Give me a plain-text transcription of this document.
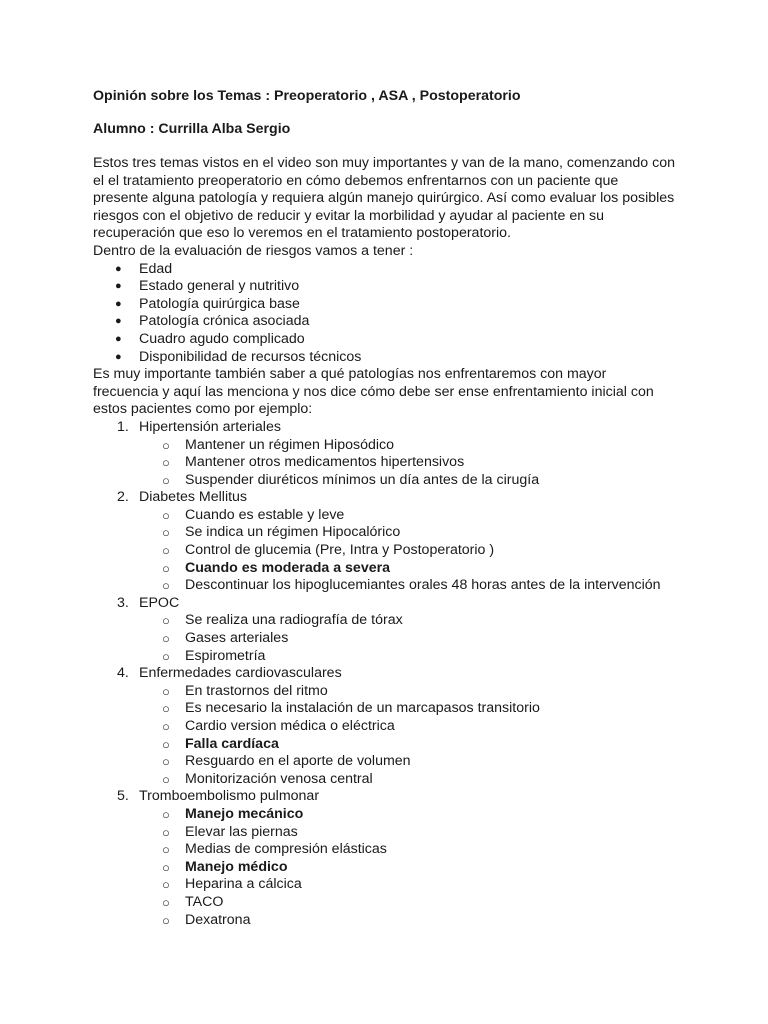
Opinión sobre los Temas : Preoperatorio , ASA , Postoperatorio

Alumno : Currilla Alba Sergio

Estos tres temas vistos en el video son muy importantes y van de la mano, comenzando con
el el tratamiento preoperatorio en cómo debemos enfrentarnos con un paciente que
presente alguna patología y requiera algún manejo quirúrgico. Así como evaluar los posibles
riesgos con el objetivo de reducir y evitar la morbilidad y ayudar al paciente en su
recuperación que eso lo veremos en el tratamiento postoperatorio.
Dentro de la evaluación de riesgos vamos a tener :

● Edad
● Estado general y nutritivo
● Patología quirúrgica base
● Patología crónica asociada
● Cuadro agudo complicado
● Disponibilidad de recursos técnicos

Es muy importante también saber a qué patologías nos enfrentaremos con mayor
frecuencia y aquí las menciona y nos dice cómo debe ser ense enfrentamiento inicial con
estos pacientes como por ejemplo:

1. Hipertensión arteriales
○ Mantener un régimen Hiposódico
○ Mantener otros medicamentos hipertensivos
○ Suspender diuréticos mínimos un día antes de la cirugía
2. Diabetes Mellitus
○ Cuando es estable y leve
○ Se indica un régimen Hipocalórico
○ Control de glucemia (Pre, Intra y Postoperatorio )
○ Cuando es moderada a severa
○ Descontinuar los hipoglucemiantes orales 48 horas antes de la intervención
3. EPOC
○ Se realiza una radiografía de tórax
○ Gases arteriales
○ Espirometría
4. Enfermedades cardiovasculares
○ En trastornos del ritmo
○ Es necesario la instalación de un marcapasos transitorio
○ Cardio version médica o eléctrica
○ Falla cardíaca
○ Resguardo en el aporte de volumen
○ Monitorización venosa central
5. Tromboembolismo pulmonar
○ Manejo mecánico
○ Elevar las piernas
○ Medias de compresión elásticas
○ Manejo médico
○ Heparina a cálcica
○ TACO
○ Dexatrona
